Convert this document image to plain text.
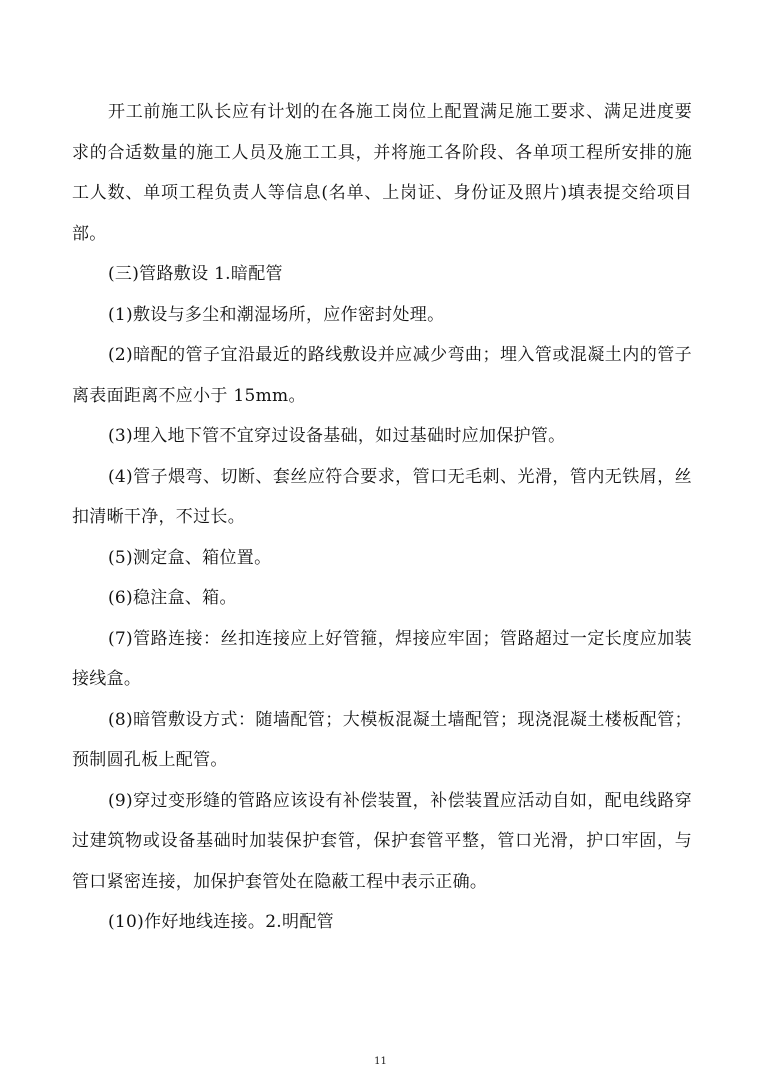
开工前施工队长应有计划的在各施工岗位上配置满足施工要求、满足进度要求的合适数量的施工人员及施工工具，并将施工各阶段、各单项工程所安排的施工人数、单项工程负责人等信息(名单、上岗证、身份证及照片)填表提交给项目部。

(三)管路敷设 1.暗配管

(1)敷设与多尘和潮湿场所，应作密封处理。

(2)暗配的管子宜沿最近的路线敷设并应减少弯曲；埋入管或混凝土内的管子离表面距离不应小于 15mm。

(3)埋入地下管不宜穿过设备基础，如过基础时应加保护管。

(4)管子煨弯、切断、套丝应符合要求，管口无毛刺、光滑，管内无铁屑，丝扣清晰干净，不过长。

(5)测定盒、箱位置。

(6)稳注盒、箱。

(7)管路连接：丝扣连接应上好管箍，焊接应牢固；管路超过一定长度应加装接线盒。

(8)暗管敷设方式：随墙配管；大模板混凝土墙配管；现浇混凝土楼板配管；预制圆孔板上配管。

(9)穿过变形缝的管路应该设有补偿装置，补偿装置应活动自如，配电线路穿过建筑物或设备基础时加装保护套管，保护套管平整，管口光滑，护口牢固，与管口紧密连接，加保护套管处在隐蔽工程中表示正确。

(10)作好地线连接。2.明配管

11
